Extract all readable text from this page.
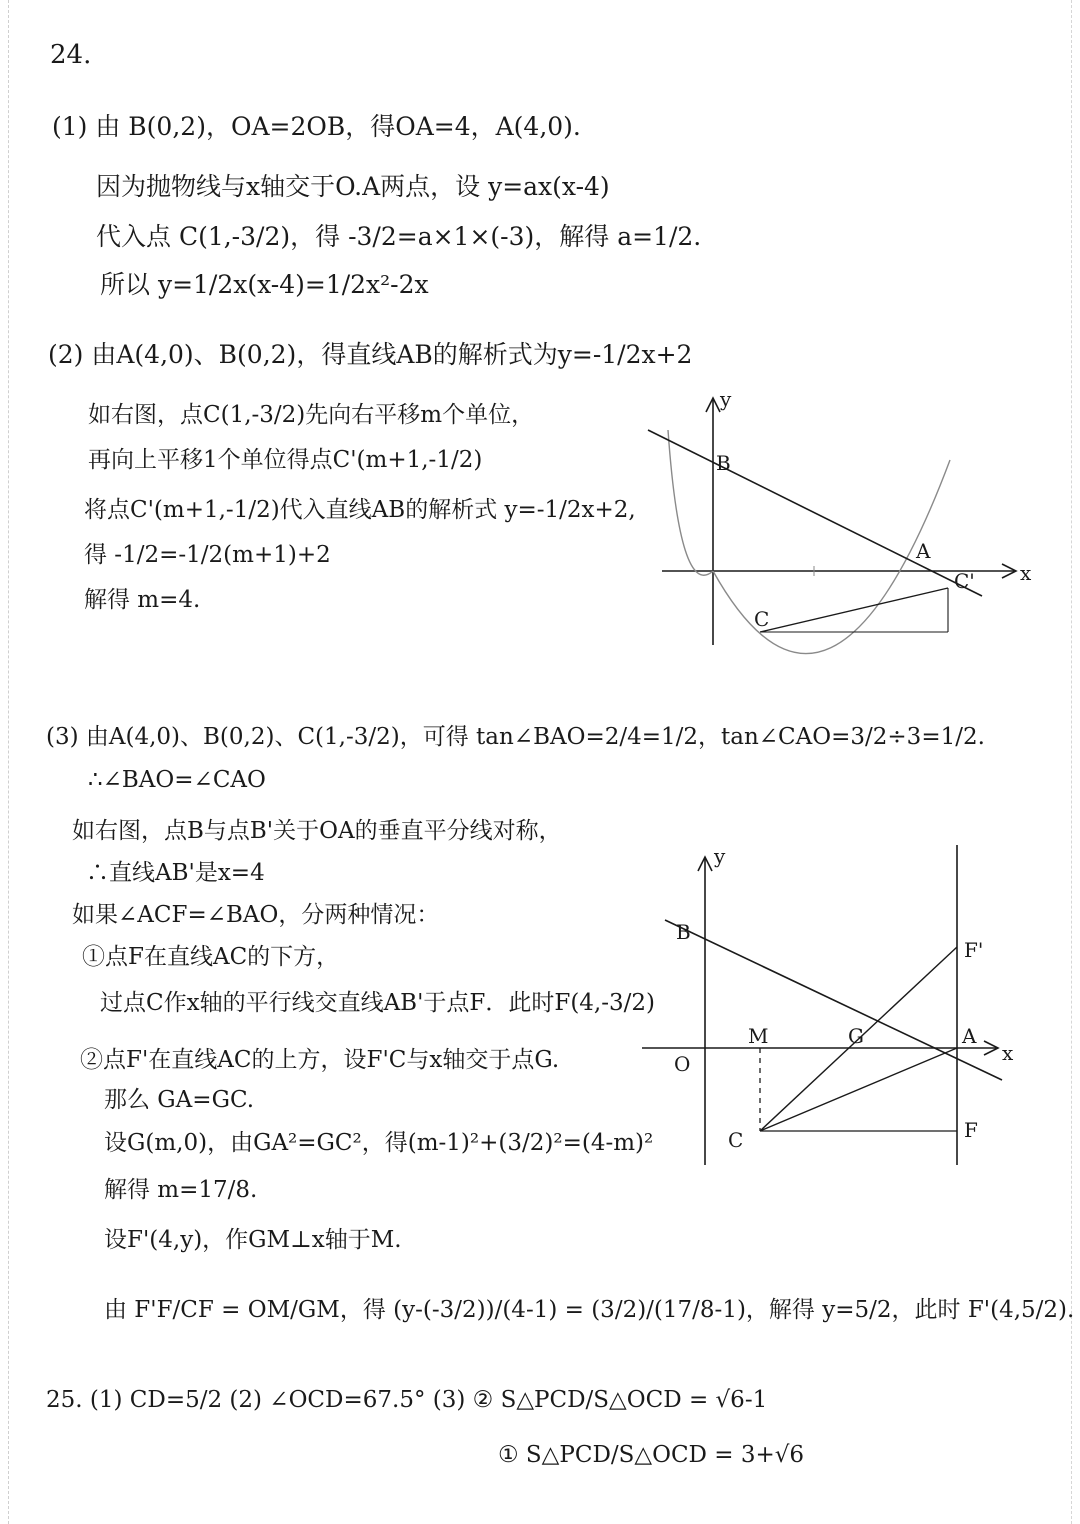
24.
(1) 由 B(0,2)，OA=2OB，得OA=4，A(4,0).
因为抛物线与x轴交于O.A两点，设 y=ax(x-4)
代入点 C(1,-3/2)，得 -3/2=a×1×(-3)，解得 a=1/2.
所以 y=1/2x(x-4)=1/2x²-2x
(2) 由A(4,0)、B(0,2)，得直线AB的解析式为y=-1/2x+2
如右图，点C(1,-3/2)先向右平移m个单位，
再向上平移1个单位得点C'(m+1,-1/2)
将点C'(m+1,-1/2)代入直线AB的解析式 y=-1/2x+2,
得 -1/2=-1/2(m+1)+2
解得 m=4.
y
x
B
A
C
C'
(3) 由A(4,0)、B(0,2)、C(1,-3/2)，可得 tan∠BAO=2/4=1/2，tan∠CAO=3/2÷3=1/2.
∴∠BAO=∠CAO
如右图，点B与点B'关于OA的垂直平分线对称，
∴直线AB'是x=4
如果∠ACF=∠BAO，分两种情况：
①点F在直线AC的下方，
过点C作x轴的平行线交直线AB'于点F．此时F(4,-3/2)
②点F'在直线AC的上方，设F'C与x轴交于点G.
那么 GA=GC.
设G(m,0)，由GA²=GC²，得(m-1)²+(3/2)²=(4-m)²
解得 m=17/8.
设F'(4,y)，作GM⊥x轴于M.
由 F'F/CF = OM/GM，得 (y-(-3/2))/(4-1) = (3/2)/(17/8-1)，解得 y=5/2，此时 F'(4,5/2).
y
x
B
O
M	G	A
C	F
F'
25. (1) CD=5/2 (2) ∠OCD=67.5° (3) ② S△PCD/S△OCD = √6-1
① S△PCD/S△OCD = 3+√6
